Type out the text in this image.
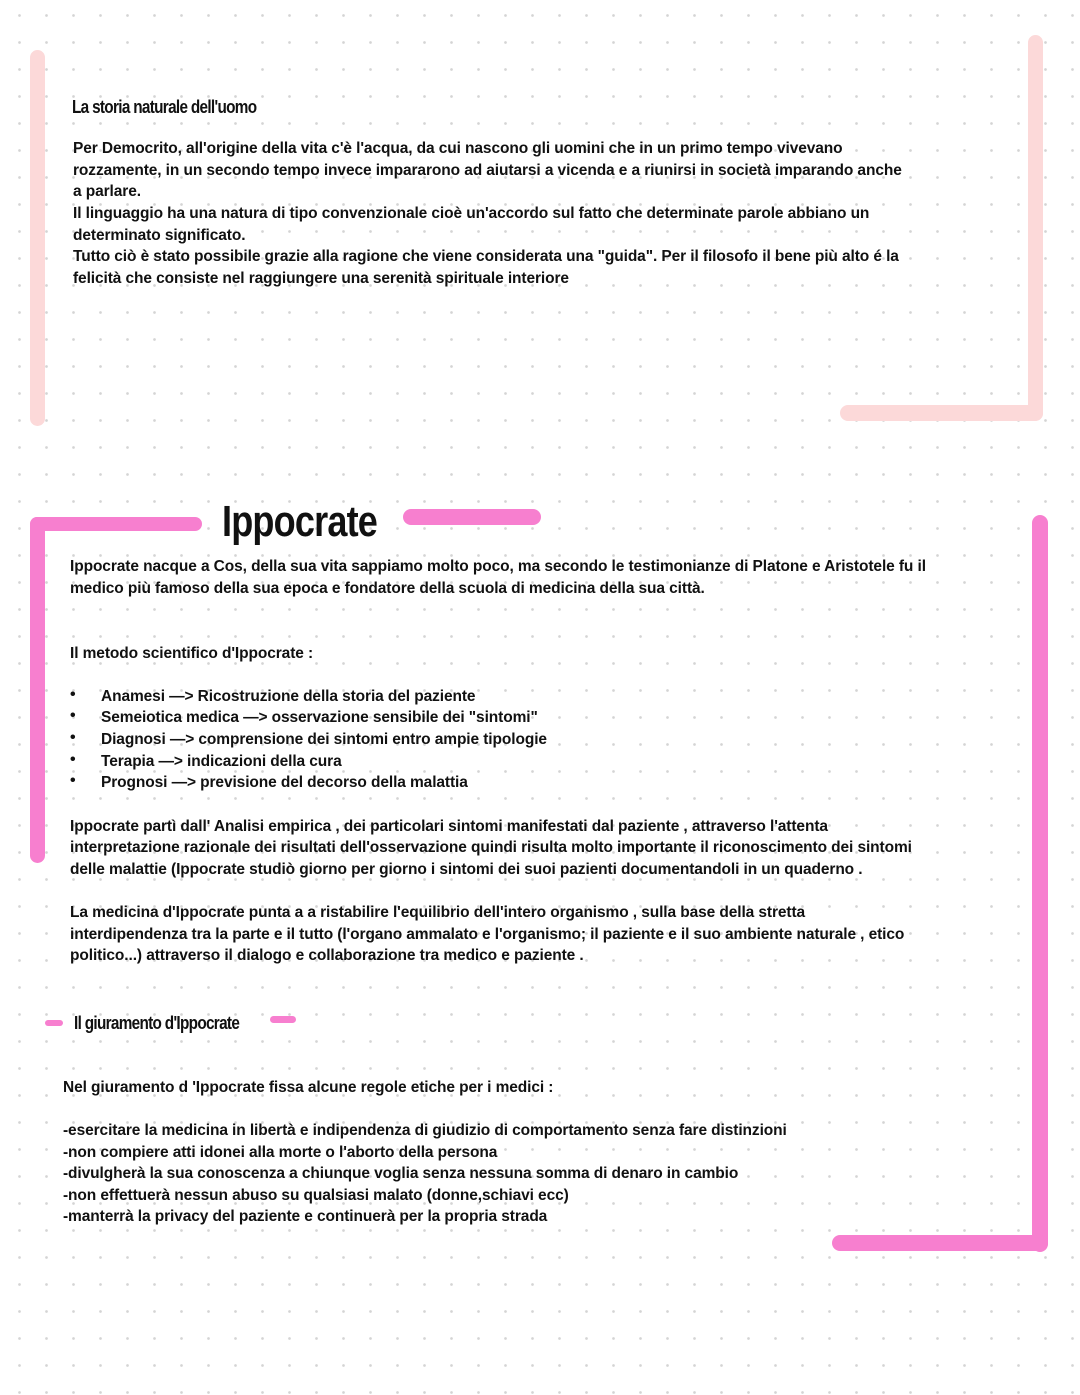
La storia naturale dell'uomo
Per Democrito, all'origine della vita c'è l'acqua, da cui nascono gli uomini che in un primo tempo vivevano
rozzamente, in un secondo tempo invece impararono ad aiutarsi a vicenda e a riunirsi in società imparando anche
a parlare.
Il linguaggio ha una natura di tipo convenzionale cioè un'accordo sul fatto che determinate parole abbiano un
determinato significato.
Tutto ciò è stato possibile grazie alla ragione che viene considerata una "guida". Per il filosofo il bene più alto é la
felicità che consiste nel raggiungere una serenità spirituale interiore
Ippocrate
Ippocrate nacque a Cos, della sua vita sappiamo molto poco, ma secondo le testimonianze di Platone e Aristotele fu il
medico più famoso della sua epoca e fondatore della scuola di medicina della sua città.
Il metodo scientifico d'Ippocrate :
• Anamesi —> Ricostruzione della storia del paziente
• Semeiotica medica —> osservazione sensibile dei "sintomi"
• Diagnosi —> comprensione dei sintomi entro ampie tipologie
• Terapia —> indicazioni della cura
• Prognosi —> previsione del decorso della malattia
Ippocrate partì dall' Analisi empirica , dei particolari sintomi manifestati dal paziente , attraverso l'attenta
interpretazione razionale dei risultati dell'osservazione quindi risulta molto importante il riconoscimento dei sintomi
delle malattie (Ippocrate studiò giorno per giorno i sintomi dei suoi pazienti documentandoli in un quaderno .
La medicina d'Ippocrate punta a a ristabilire l'equilibrio dell'intero organismo , sulla base della stretta
interdipendenza tra la parte e il tutto (l'organo ammalato e l'organismo; il paziente e il suo ambiente naturale , etico
politico...) attraverso il dialogo e collaborazione tra medico e paziente .
Il giuramento d'Ippocrate
Nel giuramento d 'Ippocrate fissa alcune regole etiche per i medici :
-esercitare la medicina in libertà e indipendenza di giudizio di comportamento senza fare distinzioni
-non compiere atti idonei alla morte o l'aborto della persona
-divulgherà la sua conoscenza a chiunque voglia senza nessuna somma di denaro in cambio
-non effettuerà nessun abuso su qualsiasi malato (donne,schiavi ecc)
-manterrà la privacy del paziente e continuerà per la propria strada
